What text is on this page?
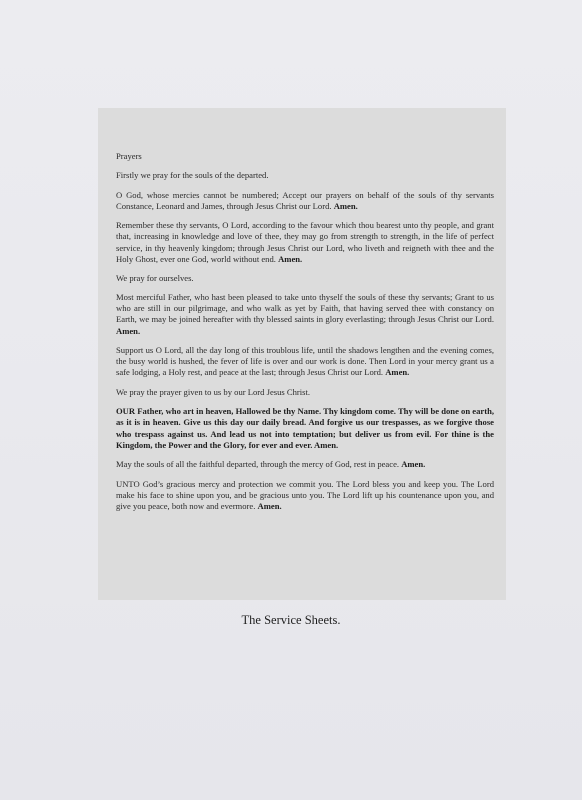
Prayers

Firstly we pray for the souls of the departed.

O God, whose mercies cannot be numbered; Accept our prayers on behalf of the souls of thy servants Constance, Leonard and James, through Jesus Christ our Lord. Amen.

Remember these thy servants, O Lord, according to the favour which thou bearest unto thy people, and grant that, increasing in knowledge and love of thee, they may go from strength to strength, in the life of perfect service, in thy heavenly kingdom; through Jesus Christ our Lord, who liveth and reigneth with thee and the Holy Ghost, ever one God, world without end. Amen.

We pray for ourselves.

Most merciful Father, who hast been pleased to take unto thyself the souls of these thy servants; Grant to us who are still in our pilgrimage, and who walk as yet by Faith, that having served thee with constancy on Earth, we may be joined hereafter with thy blessed saints in glory everlasting; through Jesus Christ our Lord. Amen.

Support us O Lord, all the day long of this troublous life, until the shadows lengthen and the evening comes, the busy world is hushed, the fever of life is over and our work is done. Then Lord in your mercy grant us a safe lodging, a Holy rest, and peace at the last; through Jesus Christ our Lord. Amen.

We pray the prayer given to us by our Lord Jesus Christ.

OUR Father, who art in heaven, Hallowed be thy Name. Thy kingdom come. Thy will be done on earth, as it is in heaven. Give us this day our daily bread. And forgive us our trespasses, as we forgive those who trespass against us. And lead us not into temptation; but deliver us from evil. For thine is the Kingdom, the Power and the Glory, for ever and ever. Amen.

May the souls of all the faithful departed, through the mercy of God, rest in peace. Amen.

UNTO God’s gracious mercy and protection we commit you. The Lord bless you and keep you. The Lord make his face to shine upon you, and be gracious unto you. The Lord lift up his countenance upon you, and give you peace, both now and evermore. Amen.

The Service Sheets.
